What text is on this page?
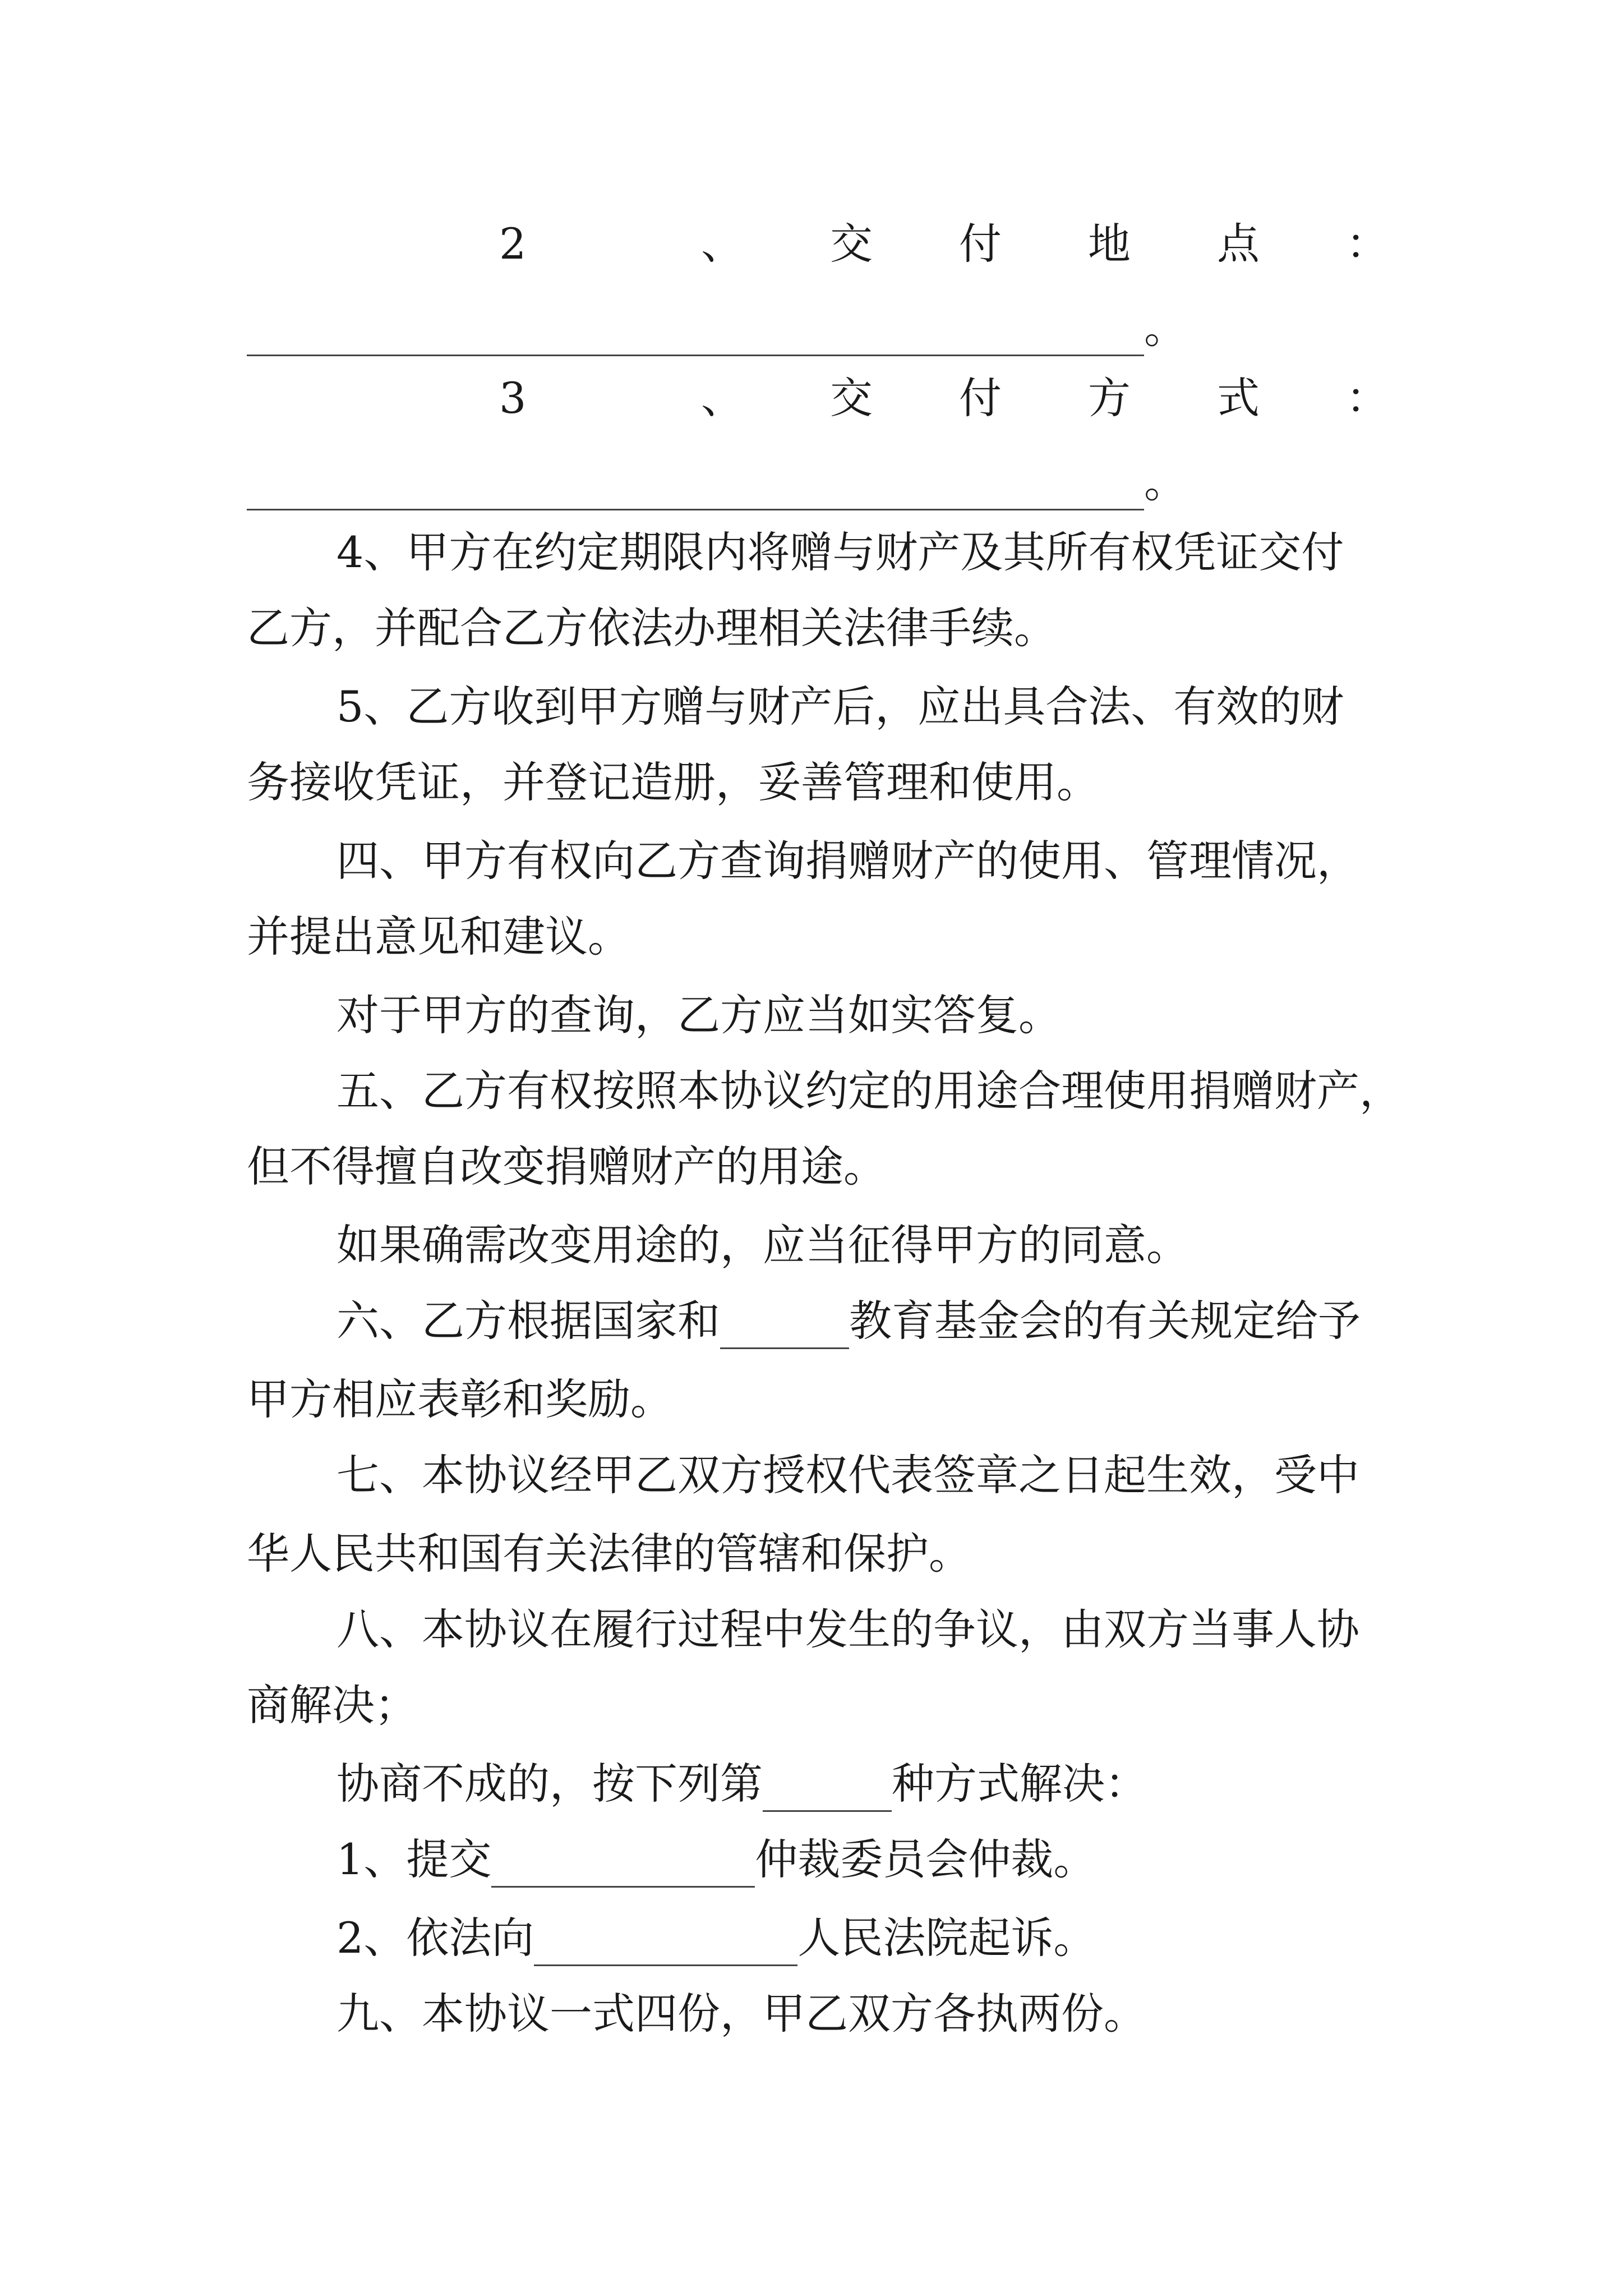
2	、 交 付 地 点 ：
。
3	、 交 付 方 式 ：
。
4、甲方在约定期限内将赠与财产及其所有权凭证交付
乙方，并配合乙方依法办理相关法律手续。
5、乙方收到甲方赠与财产后，应出具合法、有效的财
务接收凭证，并登记造册，妥善管理和使用。
四、甲方有权向乙方查询捐赠财产的使用、管理情况，
并提出意见和建议。
对于甲方的查询，乙方应当如实答复。
五、乙方有权按照本协议约定的用途合理使用捐赠财产，
但不得擅自改变捐赠财产的用途。
如果确需改变用途的，应当征得甲方的同意。
六、乙方根据国家和	教育基金会的有关规定给予
甲方相应表彰和奖励。
七、本协议经甲乙双方授权代表签章之日起生效，受中
华人民共和国有关法律的管辖和保护。
八、本协议在履行过程中发生的争议，由双方当事人协
商解决；
协商不成的，按下列第	种方式解决：
1、提交	仲裁委员会仲裁。
2、依法向	人民法院起诉。
九、本协议一式四份，甲乙双方各执两份。
